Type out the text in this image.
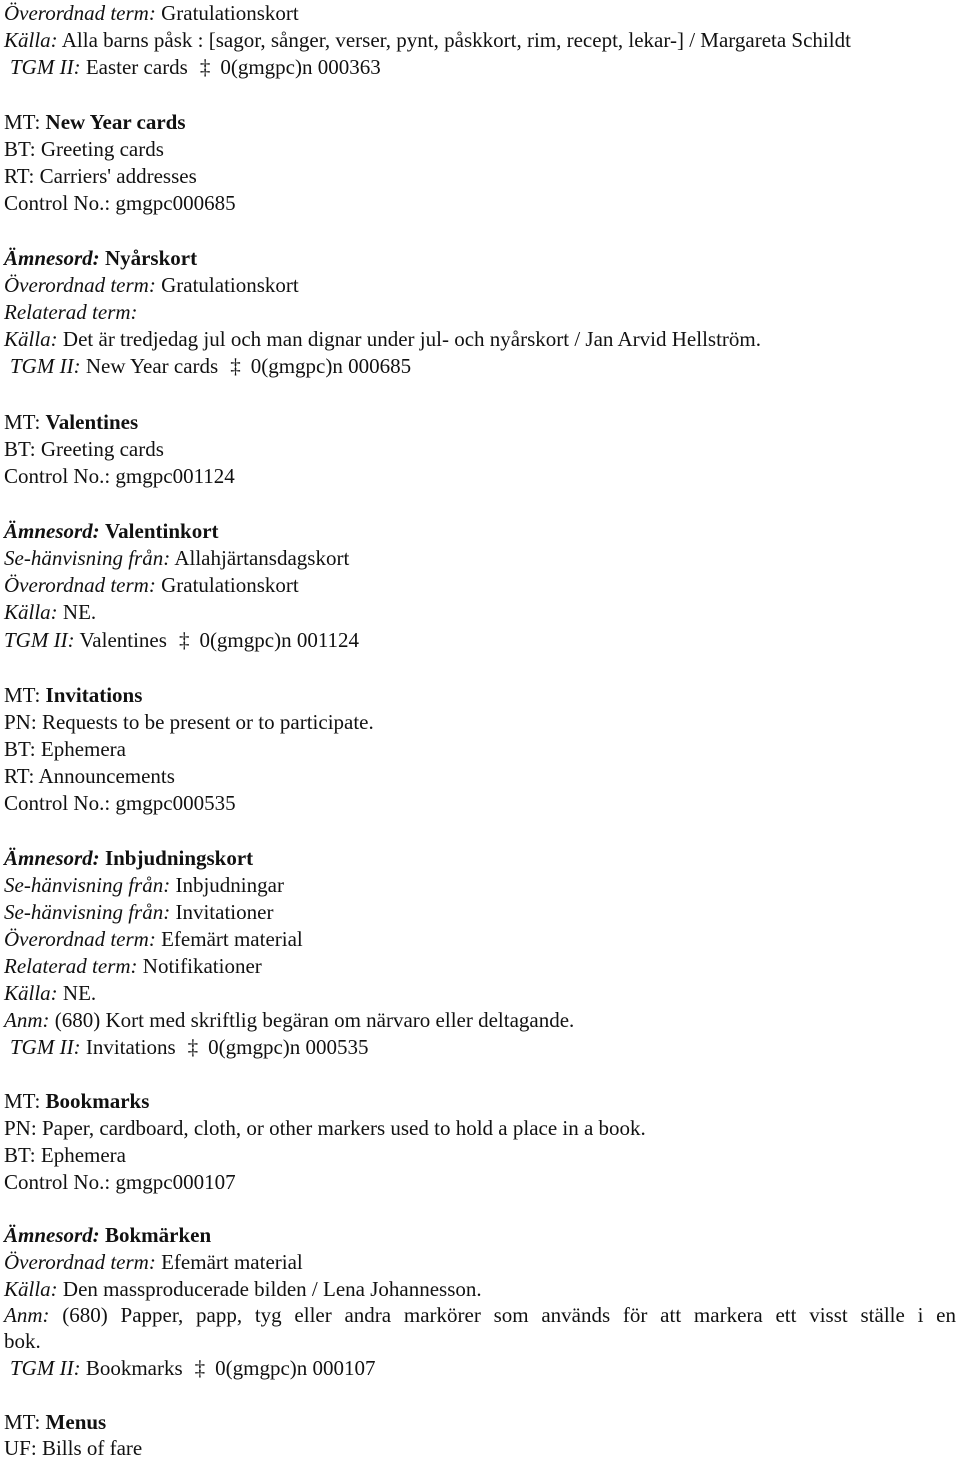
Överordnad term: Gratulationskort
Källa: Alla barns påsk : [sagor, sånger, verser, pynt, påskkort, rim, recept, lekar-] / Margareta Schildt
TGM II: Easter cards ‡ 0(gmgpc)n 000363
MT: New Year cards
BT: Greeting cards
RT: Carriers' addresses
Control No.: gmgpc000685
Ämnesord: Nyårskort
Överordnad term: Gratulationskort
Relaterad term:
Källa: Det är tredjedag jul och man dignar under jul- och nyårskort / Jan Arvid Hellström.
TGM II: New Year cards ‡ 0(gmgpc)n 000685
MT: Valentines
BT: Greeting cards
Control No.: gmgpc001124
Ämnesord: Valentinkort
Se-hänvisning från: Allahjärtansdagskort
Överordnad term: Gratulationskort
Källa: NE.
TGM II: Valentines ‡ 0(gmgpc)n 001124
MT: Invitations
PN: Requests to be present or to participate.
BT: Ephemera
RT: Announcements
Control No.: gmgpc000535
Ämnesord: Inbjudningskort
Se-hänvisning från: Inbjudningar
Se-hänvisning från: Invitationer
Överordnad term: Efemärt material
Relaterad term: Notifikationer
Källa: NE.
Anm: (680) Kort med skriftlig begäran om närvaro eller deltagande.
TGM II: Invitations ‡ 0(gmgpc)n 000535
MT: Bookmarks
PN: Paper, cardboard, cloth, or other markers used to hold a place in a book.
BT: Ephemera
Control No.: gmgpc000107
Ämnesord: Bokmärken
Överordnad term: Efemärt material
Källa: Den massproducerade bilden / Lena Johannesson.
Anm: (680) Papper, papp, tyg eller andra markörer som används för att markera ett visst ställe i en
bok.
TGM II: Bookmarks ‡ 0(gmgpc)n 000107
MT: Menus
UF: Bills of fare
